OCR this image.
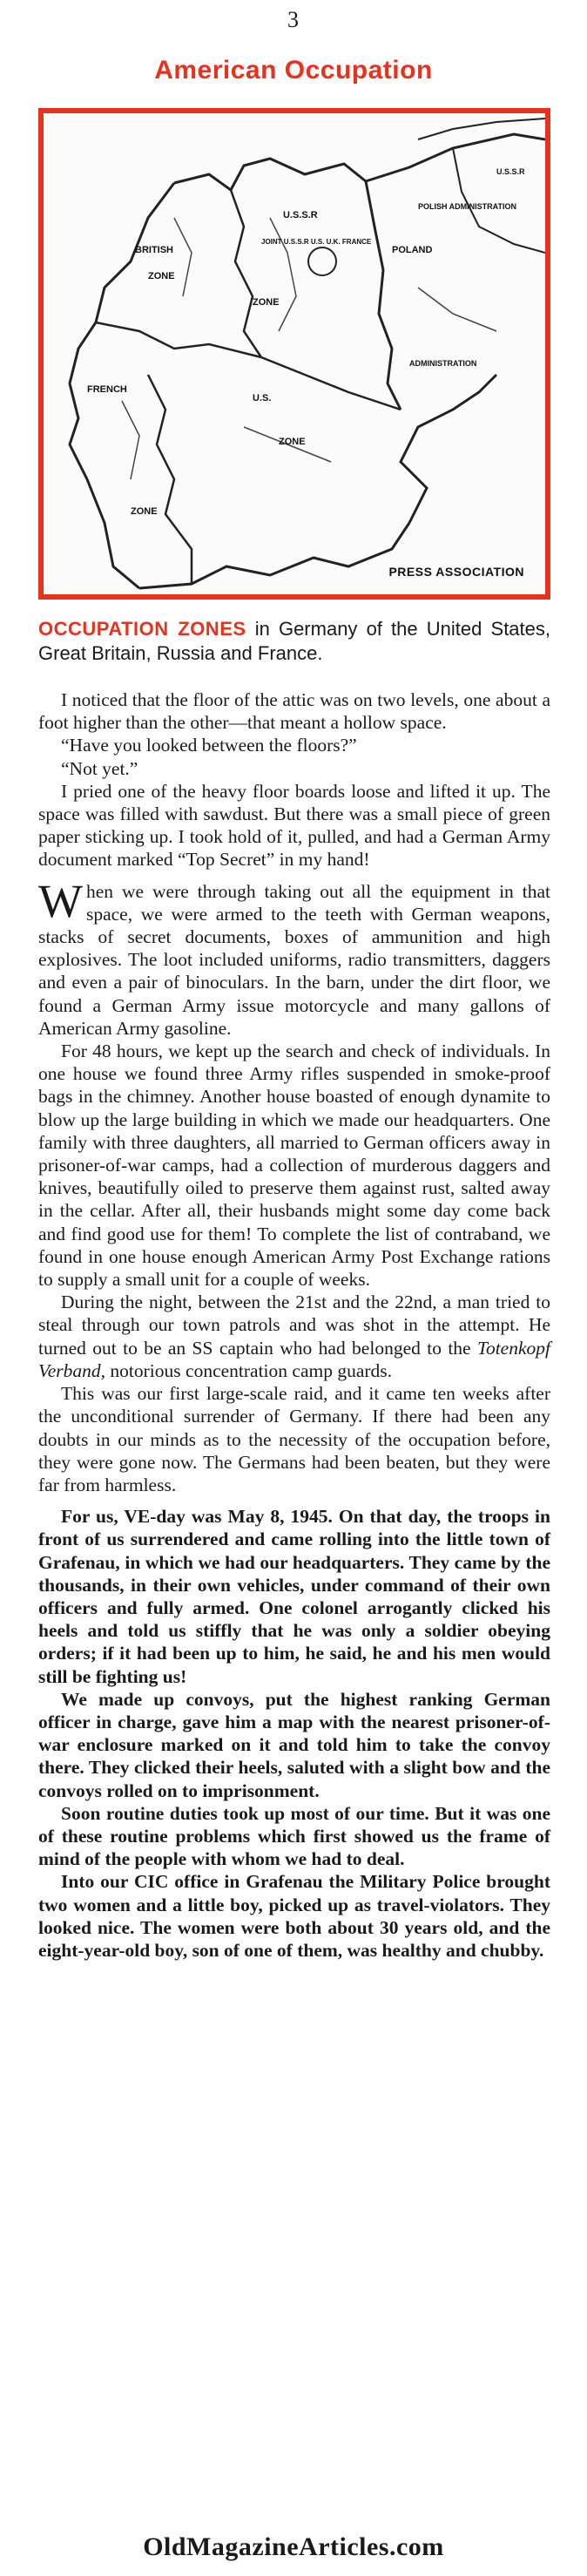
3
American Occupation
U.S.S.R
JOINT U.S.S.R U.S. U.K. FRANCE
BRITISH
ZONE
FRENCH
ZONE
U.S.
ZONE
ZONE
POLAND
POLISH ADMINISTRATION
U.S.S.R
ADMINISTRATION
PRESS ASSOCIATION
OCCUPATION ZONES in Germany of the United States, Great Britain, Russia and France.

I noticed that the floor of the attic was on two levels, one about a foot higher than the other—that meant a hollow space.

“Have you looked between the floors?”

“Not yet.”

I pried one of the heavy floor boards loose and lifted it up. The space was filled with sawdust. But there was a small piece of green paper sticking up. I took hold of it, pulled, and had a German Army document marked “Top Secret” in my hand!

When we were through taking out all the equipment in that space, we were armed to the teeth with German weapons, stacks of secret documents, boxes of ammunition and high explosives. The loot included uniforms, radio transmitters, daggers and even a pair of binoculars. In the barn, under the dirt floor, we found a German Army issue motorcycle and many gallons of American Army gasoline.

For 48 hours, we kept up the search and check of individuals. In one house we found three Army rifles suspended in smoke-proof bags in the chimney. Another house boasted of enough dynamite to blow up the large building in which we made our headquarters. One family with three daughters, all married to German officers away in prisoner-of-war camps, had a collection of murderous daggers and knives, beautifully oiled to preserve them against rust, salted away in the cellar. After all, their husbands might some day come back and find good use for them! To complete the list of contraband, we found in one house enough American Army Post Exchange rations to supply a small unit for a couple of weeks.

During the night, between the 21st and the 22nd, a man tried to steal through our town patrols and was shot in the attempt. He turned out to be an SS captain who had belonged to the Totenkopf Verband, notorious concentration camp guards.

This was our first large-scale raid, and it came ten weeks after the unconditional surrender of Germany. If there had been any doubts in our minds as to the necessity of the occupation before, they were gone now. The Germans had been beaten, but they were far from harmless.

For us, VE-day was May 8, 1945. On that day, the troops in front of us surrendered and came rolling into the little town of Grafenau, in which we had our headquarters. They came by the thousands, in their own vehicles, under command of their own officers and fully armed. One colonel arrogantly clicked his heels and told us stiffly that he was only a soldier obeying orders; if it had been up to him, he said, he and his men would still be fighting us!

We made up convoys, put the highest ranking German officer in charge, gave him a map with the nearest prisoner-of-war enclosure marked on it and told him to take the convoy there. They clicked their heels, saluted with a slight bow and the convoys rolled on to imprisonment.

Soon routine duties took up most of our time. But it was one of these routine problems which first showed us the frame of mind of the people with whom we had to deal.

Into our CIC office in Grafenau the Military Police brought two women and a little boy, picked up as travel-violators. They looked nice. The women were both about 30 years old, and the eight-year-old boy, son of one of them, was healthy and chubby.

OldMagazineArticles.com
